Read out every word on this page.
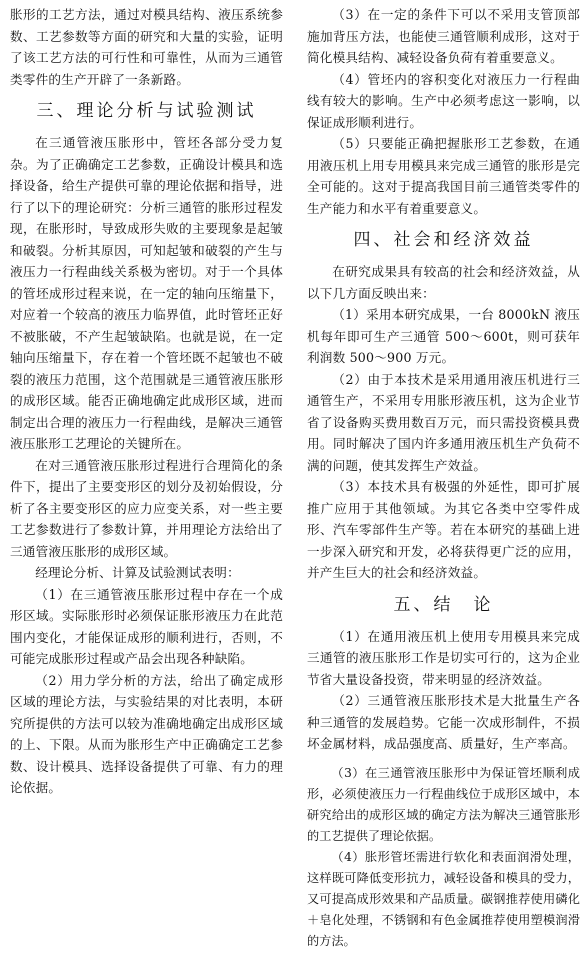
胀形的工艺方法，通过对模具结构、液压系统参数、工艺参数等方面的研究和大量的实验，证明了该工艺方法的可行性和可靠性，从而为三通管类零件的生产开辟了一条新路。

三、理论分析与试验测试

在三通管液压胀形中，管坯各部分受力复杂。为了正确确定工艺参数，正确设计模具和选择设备，给生产提供可靠的理论依据和指导，进行了以下的理论研究：分析三通管的胀形过程发现，在胀形时，导致成形失败的主要现象是起皱和破裂。分析其原因，可知起皱和破裂的产生与液压力一行程曲线关系极为密切。对于一个具体的管坯成形过程来说，在一定的轴向压缩量下，对应着一个较高的液压力临界值，此时管坯正好不被胀破，不产生起皱缺陷。也就是说，在一定轴向压缩量下，存在着一个管坯既不起皱也不破裂的液压力范围，这个范围就是三通管液压胀形的成形区域。能否正确地确定此成形区域，进而制定出合理的液压力一行程曲线，是解决三通管液压胀形工艺理论的关键所在。

在对三通管液压胀形过程进行合理简化的条件下，提出了主要变形区的划分及初始假设，分析了各主要变形区的应力应变关系，对一些主要工艺参数进行了参数计算，并用理论方法给出了三通管液压胀形的成形区域。

经理论分析、计算及试验测试表明：

（1）在三通管液压胀形过程中存在一个成形区域。实际胀形时必须保证胀形液压力在此范围内变化，才能保证成形的顺利进行，否则，不可能完成胀形过程或产品会出现各种缺陷。

（2）用力学分析的方法，给出了确定成形区域的理论方法，与实验结果的对比表明，本研究所提供的方法可以较为准确地确定出成形区域的上、下限。从而为胀形生产中正确确定工艺参数、设计模具、选择设备提供了可靠、有力的理论依据。

（3）在一定的条件下可以不采用支管顶部施加背压方法，也能使三通管顺利成形，这对于简化模具结构、减轻设备负荷有着重要意义。

（4）管坯内的容积变化对液压力一行程曲线有较大的影响。生产中必须考虑这一影响，以保证成形顺利进行。

（5）只要能正确把握胀形工艺参数，在通用液压机上用专用模具来完成三通管的胀形是完全可能的。这对于提高我国目前三通管类零件的生产能力和水平有着重要意义。

四、社会和经济效益

在研究成果具有较高的社会和经济效益，从以下几方面反映出来：

（1）采用本研究成果，一台 8000kN 液压机每年即可生产三通管 500～600t，则可获年利润数 500～900 万元。

（2）由于本技术是采用通用液压机进行三通管生产，不采用专用胀形液压机，这为企业节省了设备购买费用数百万元，而只需投资模具费用。同时解决了国内许多通用液压机生产负荷不满的问题，使其发挥生产效益。

（3）本技术具有极强的外延性，即可扩展推广应用于其他领域。为其它各类中空零件成形、汽车零部件生产等。若在本研究的基础上进一步深入研究和开发，必将获得更广泛的应用，并产生巨大的社会和经济效益。

五、结　论

（1）在通用液压机上使用专用模具来完成三通管的液压胀形工作是切实可行的，这为企业节省大量设备投资，带来明显的经济效益。

（2）三通管液压胀形技术是大批量生产各种三通管的发展趋势。它能一次成形制件，不损坏金属材料，成品强度高、质量好，生产率高。

（3）在三通管液压胀形中为保证管坯顺利成形，必须使液压力一行程曲线位于成形区域中，本研究给出的成形区域的确定方法为解决三通管胀形的工艺提供了理论依据。

（4）胀形管坯需进行软化和表面润滑处理，这样既可降低变形抗力，减轻设备和模具的受力，又可提高成形效果和产品质量。碳钢推荐使用磷化＋皂化处理，不锈钢和有色金属推荐使用塑模润滑的方法。
